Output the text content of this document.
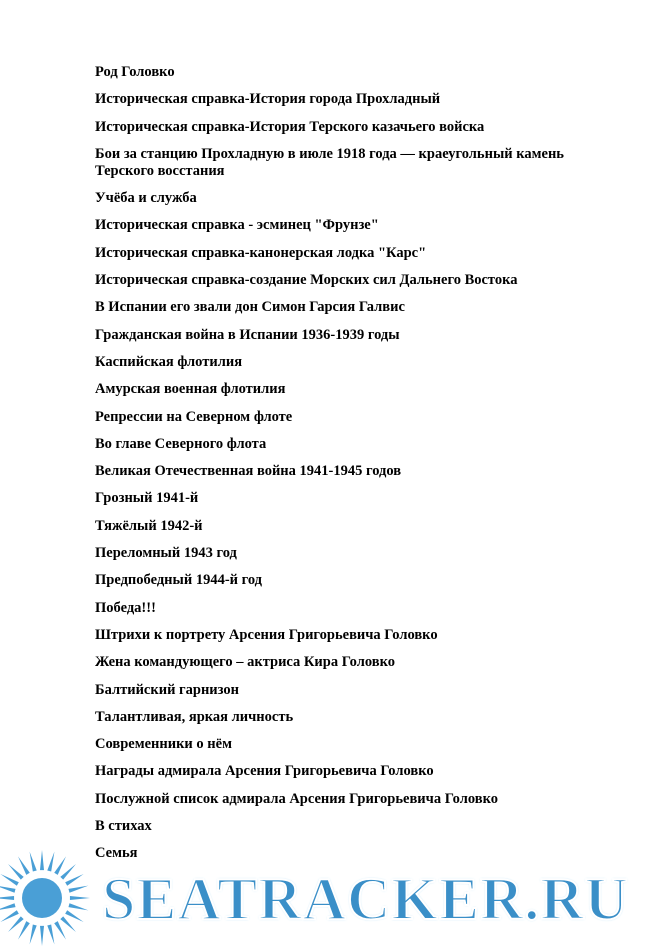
Род Головко
Историческая справка-История города Прохладный
Историческая справка-История Терского казачьего войска
Бои за станцию Прохладную в июле 1918 года — краеугольный камень Терского восстания
Учёба и служба
Историческая справка - эсминец "Фрунзе"
Историческая справка-канонерская лодка "Карс"
Историческая справка-создание Морских сил Дальнего Востока
В Испании его звали дон Симон Гарсия Галвис
Гражданская война в Испании 1936-1939 годы
Каспийская флотилия
Амурская военная флотилия
Репрессии на Северном флоте
Во главе Северного флота
Великая Отечественная война 1941-1945 годов
Грозный 1941-й
Тяжёлый 1942-й
Переломный 1943 год
Предпобедный 1944-й год
Победа!!!
Штрихи к портрету Арсения Григорьевича Головко
Жена командующего – актриса Кира Головко
Балтийский гарнизон
Талантливая, яркая личность
Современники о нём
Награды адмирала Арсения Григорьевича Головко
Послужной список адмирала Арсения Григорьевича Головко
В стихах
Семья
SEATRACKER.RU
